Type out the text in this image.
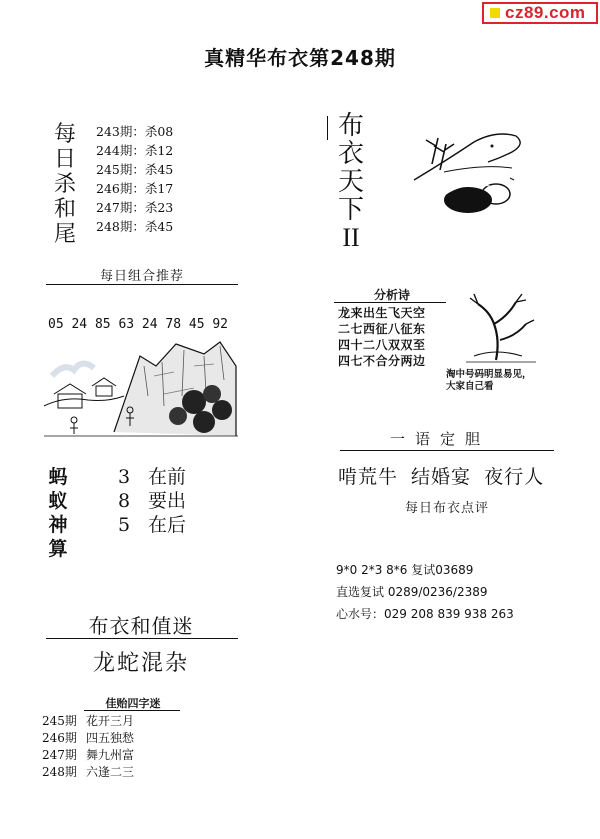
cz89.com
真精华布衣第248期
每
日
杀
和
尾
243期：杀08
244期：杀12
245期：杀45
246期：杀17
247期：杀23
248期：杀45
布
衣
天
下
II
每日组合推荐

05 24 85 63 24 78 45 92

蚂
蚁
神
算
3 在前
8 要出
5 在后
布衣和值迷
龙蛇混杂
佳贻四字迷
245期 花开三月
246期 四五独愁
247期 舞九州富
248期 六逢二三
分析诗
龙来出生飞天空
二七西征八征东
四十二八双双至
四七不合分两边
淘中号码明显易见，
大家自己看
一语定胆
啃荒牛 结婚宴 夜行人
每日布衣点评
9*0 2*3 8*6 复试03689
直选复试 0289/0236/2389
心水号：029 208 839 938 263
